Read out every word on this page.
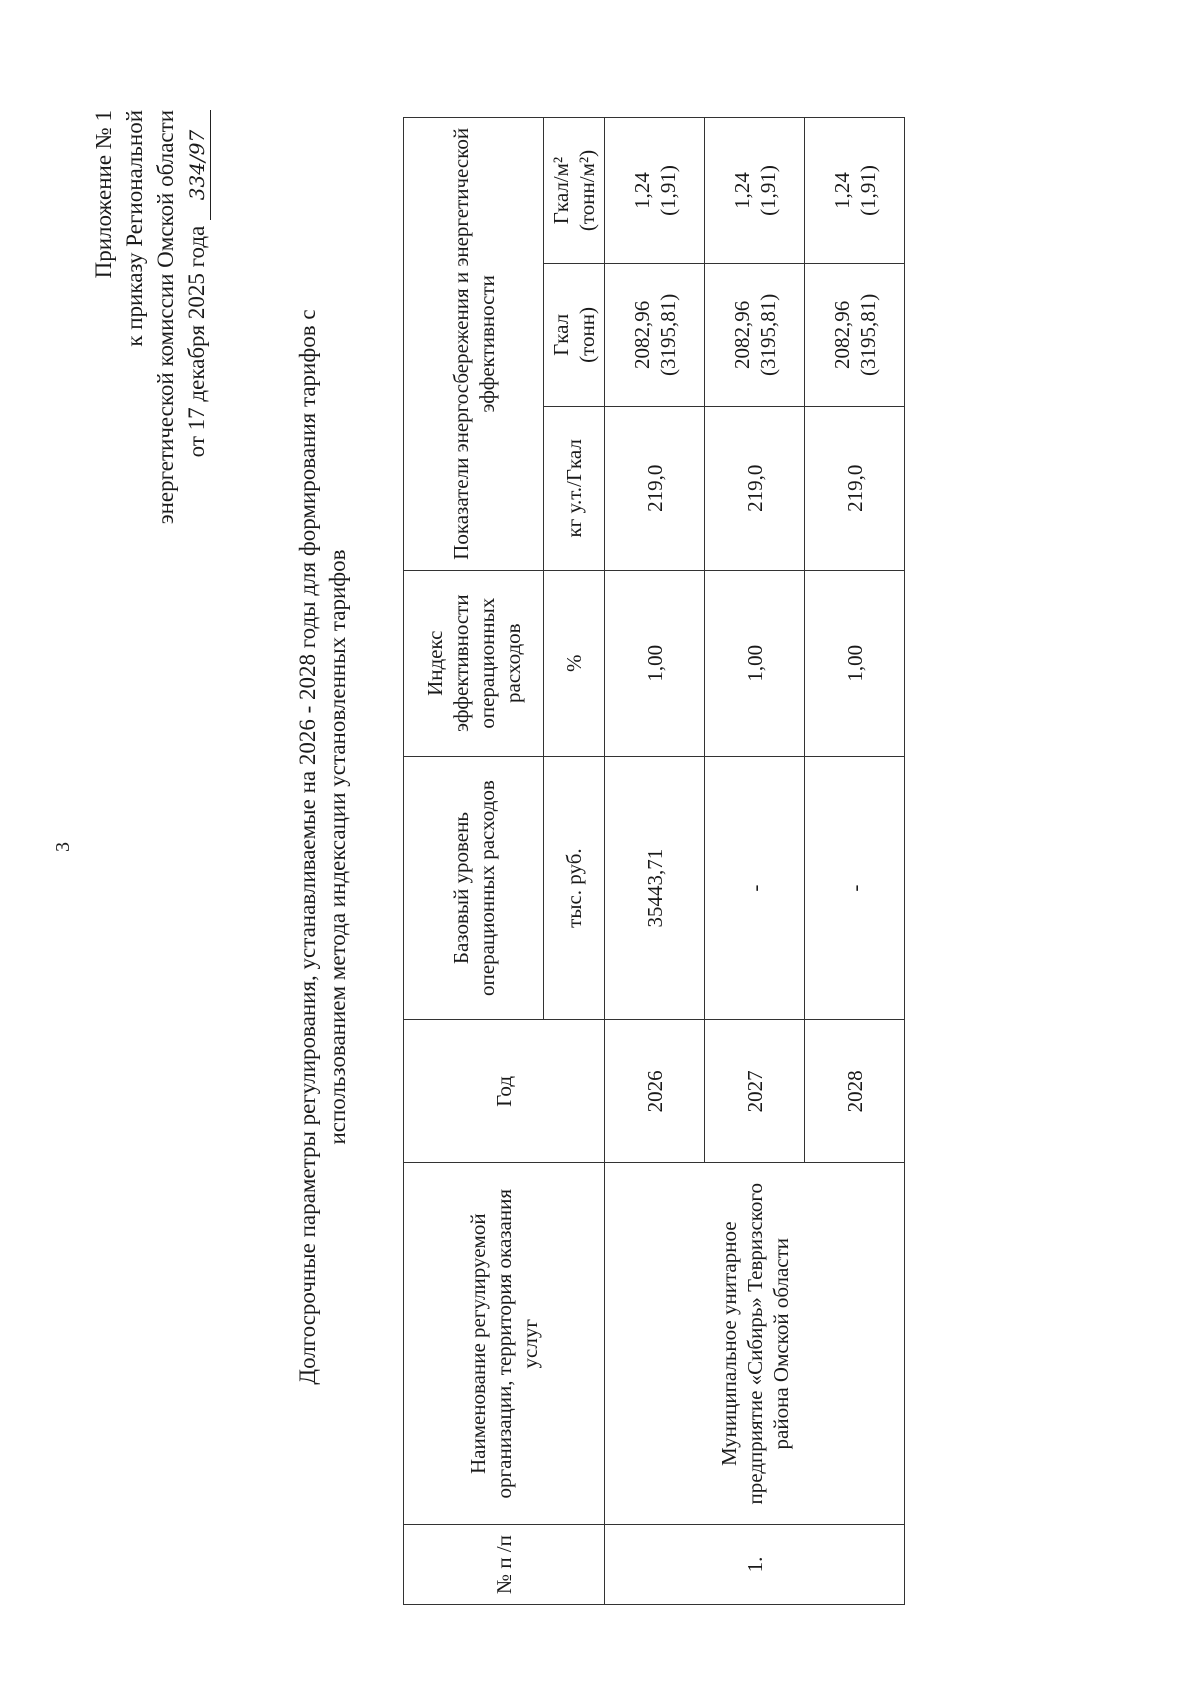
3
Приложение № 1 к приказу Региональной энергетической комиссии Омской области от 17 декабря 2025 года 334/97
Долгосрочные параметры регулирования, устанавливаемые на 2026 - 2028 годы для формирования тарифов с использованием метода индексации установленных тарифов
№ п /п	Наименование регулируемой организации, территория оказания услуг	Год	Базовый уровень операционных расходов	Индекс эффективности операционных расходов	Показатели энергосбережения и энергетической эффективности		
			тыс. руб.	%	кг у.т./Гкал	Гкал (тонн)	Гкал/м² (тонн/м²)

1.	Муниципальное унитарное предприятие «Сибирь» Тевризского района Омской области	2026	35443,71	1,00	219,0	2082,96 (3195,81)	1,24 (1,91)

		2027	-	1,00	219,0	2082,96 (3195,81)	1,24 (1,91)

		2028	-	1,00	219,0	2082,96 (3195,81)	1,24 (1,91)
